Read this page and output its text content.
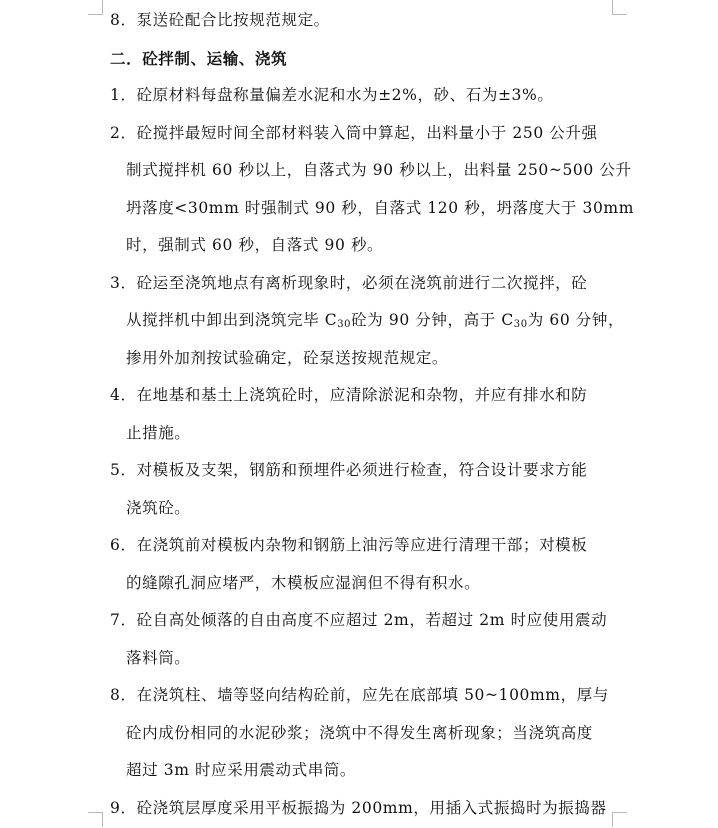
8．泵送砼配合比按规范规定。
二．砼拌制、运输、浇筑
1．砼原材料每盘称量偏差水泥和水为±2%，砂、石为±3%。
2．砼搅拌最短时间全部材料装入筒中算起，出料量小于 250 公升强
制式搅拌机 60 秒以上，自落式为 90 秒以上，出料量 250~500 公升
坍落度<30mm 时强制式 90 秒，自落式 120 秒，坍落度大于 30mm
时，强制式 60 秒，自落式 90 秒。
3．砼运至浇筑地点有离析现象时，必须在浇筑前进行二次搅拌，砼
从搅拌机中卸出到浇筑完毕 $C_{30}$砼为 90 分钟，高于 $C_{30}$为 60 分钟，
掺用外加剂按试验确定，砼泵送按规范规定。
4．在地基和基土上浇筑砼时，应清除淤泥和杂物，并应有排水和防
止措施。
5．对模板及支架，钢筋和预埋件必须进行检查，符合设计要求方能
浇筑砼。
6．在浇筑前对模板内杂物和钢筋上油污等应进行清理干部；对模板
的缝隙孔洞应堵严，木模板应湿润但不得有积水。
7．砼自高处倾落的自由高度不应超过 2m，若超过 2m 时应使用震动
落料筒。
8．在浇筑柱、墙等竖向结构砼前，应先在底部填 50~100mm，厚与
砼内成份相同的水泥砂浆；浇筑中不得发生离析现象；当浇筑高度
超过 3m 时应采用震动式串筒。
9．砼浇筑层厚度采用平板振捣为 200mm，用插入式振捣时为振捣器
